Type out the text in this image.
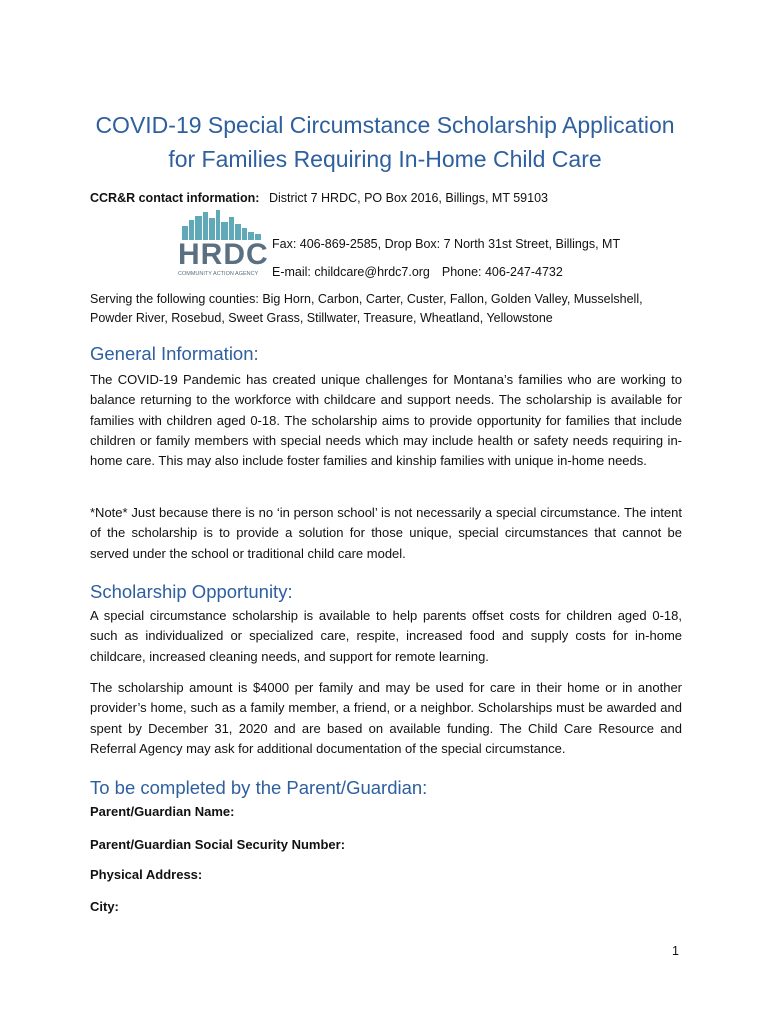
COVID-19 Special Circumstance Scholarship Application
for Families Requiring In-Home Child Care
CCR&R contact information: District 7 HRDC, PO Box 2016, Billings, MT 59103
HRDC
COMMUNITY ACTION AGENCY
Fax: 406-869-2585, Drop Box: 7 North 31st Street, Billings, MT
E-mail: childcare@hrdc7.org Phone: 406-247-4732
Serving the following counties: Big Horn, Carbon, Carter, Custer, Fallon, Golden Valley, Musselshell,
Powder River, Rosebud, Sweet Grass, Stillwater, Treasure, Wheatland, Yellowstone
General Information:
The COVID-19 Pandemic has created unique challenges for Montana’s families who are working to balance returning to the workforce with childcare and support needs. The scholarship is available for families with children aged 0-18. The scholarship aims to provide opportunity for families that include children or family members with special needs which may include health or safety needs requiring in-home care. This may also include foster families and kinship families with unique in-home needs.
*Note* Just because there is no ‘in person school’ is not necessarily a special circumstance. The intent of the scholarship is to provide a solution for those unique, special circumstances that cannot be served under the school or traditional child care model.
Scholarship Opportunity:
A special circumstance scholarship is available to help parents offset costs for children aged 0-18, such as individualized or specialized care, respite, increased food and supply costs for in-home childcare, increased cleaning needs, and support for remote learning.
The scholarship amount is $4000 per family and may be used for care in their home or in another provider’s home, such as a family member, a friend, or a neighbor. Scholarships must be awarded and spent by December 31, 2020 and are based on available funding. The Child Care Resource and Referral Agency may ask for additional documentation of the special circumstance.
To be completed by the Parent/Guardian:
Parent/Guardian Name:
Parent/Guardian Social Security Number:
Physical Address:
City:
1
